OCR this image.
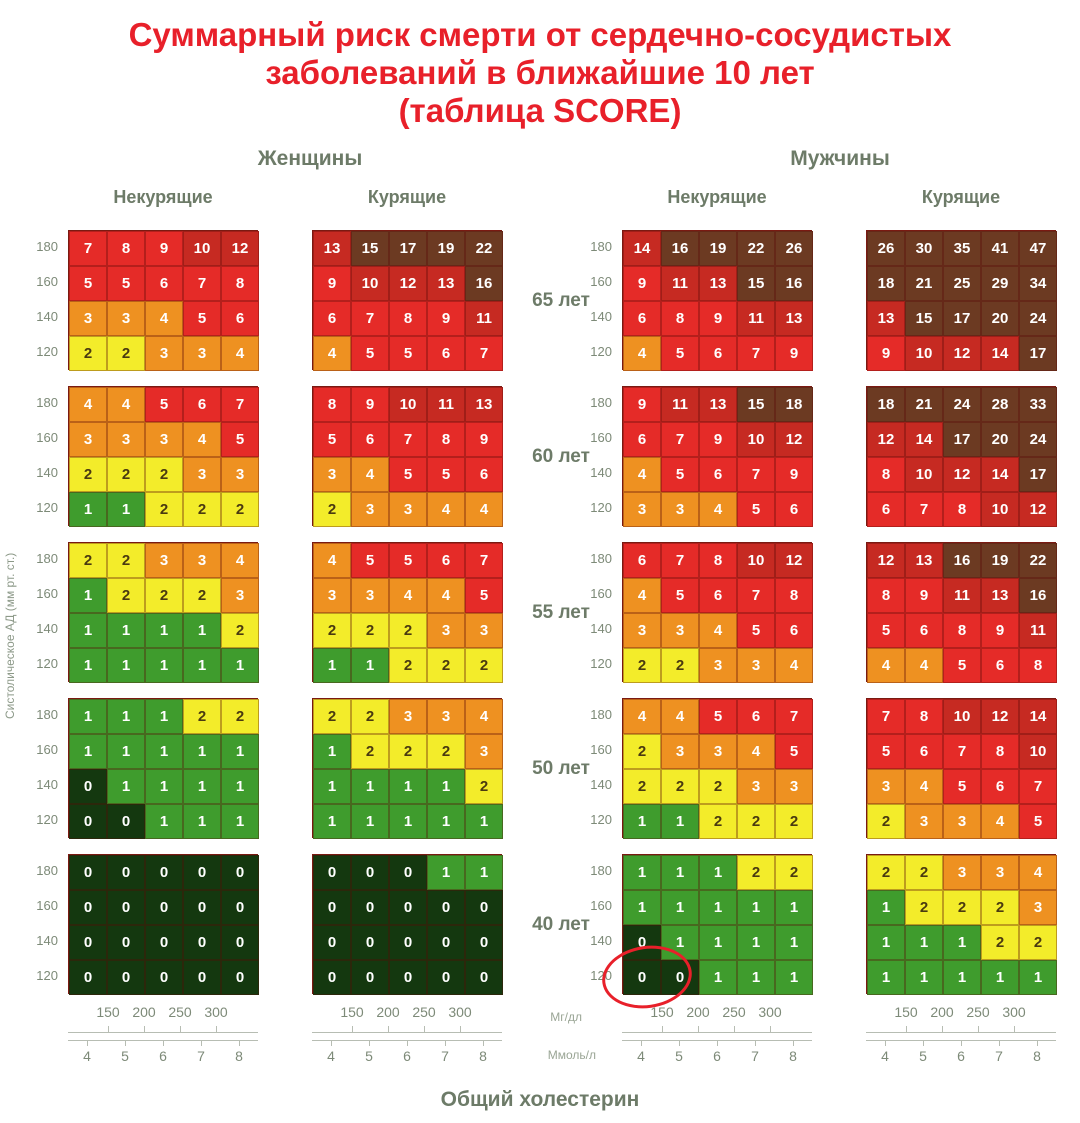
Суммарный риск смерти от сердечно-сосудистых
заболеваний в ближайшие 10 лет
(таблица SCORE)
Женщины	Мужчины
Некурящие	Курящие	Некурящие	Курящие
Систолическое АД (мм рт. ст.)
7	8	9	10	12
5	5	6	7	8
3	3	4	5	6
2	2	3	3	4
13	15	17	19	22
9	10	12	13	16
6	7	8	9	11
4	5	5	6	7
14	16	19	22	26
9	11	13	15	16
6	8	9	11	13
4	5	6	7	9
26	30	35	41	47
18	21	25	29	34
13	15	17	20	24
9	10	12	14	17
4	4	5	6	7
3	3	3	4	5
2	2	2	3	3
1	1	2	2	2
8	9	10	11	13
5	6	7	8	9
3	4	5	5	6
2	3	3	4	4
9	11	13	15	18
6	7	9	10	12
4	5	6	7	9
3	3	4	5	6
18	21	24	28	33
12	14	17	20	24
8	10	12	14	17
6	7	8	10	12
2	2	3	3	4
1	2	2	2	3
1	1	1	1	2
1	1	1	1	1
4	5	5	6	7
3	3	4	4	5
2	2	2	3	3
1	1	2	2	2
6	7	8	10	12
4	5	6	7	8
3	3	4	5	6
2	2	3	3	4
12	13	16	19	22
8	9	11	13	16
5	6	8	9	11
4	4	5	6	8
1	1	1	2	2
1	1	1	1	1
0	1	1	1	1
0	0	1	1	1
2	2	3	3	4
1	2	2	2	3
1	1	1	1	2
1	1	1	1	1
4	4	5	6	7
2	3	3	4	5
2	2	2	3	3
1	1	2	2	2
7	8	10	12	14
5	6	7	8	10
3	4	5	6	7
2	3	3	4	5
0	0	0	0	0
0	0	0	0	0
0	0	0	0	0
0	0	0	0	0
0	0	0	1	1
0	0	0	0	0
0	0	0	0	0
0	0	0	0	0
1	1	1	2	2
1	1	1	1	1
0	1	1	1	1
0	0	1	1	1
2	2	3	3	4
1	2	2	2	3
1	1	1	2	2
1	1	1	1	1
180
160
140
120
180
160
140
120
180
160
140
120
180
160
140
120
180
160
140
120
180
160
140
120
180
160
140
120
180
160
140
120
180
160
140
120
180
160
140
120
65 лет
60 лет
55 лет
50 лет
40 лет
150 200 250 300
4	5	6	7	8
150 200 250 300
4	5	6	7	8
150 200 250 300
4	5	6	7	8
150 200 250 300
4	5	6	7	8
Мг/дл
Ммоль/л
Общий холестерин
